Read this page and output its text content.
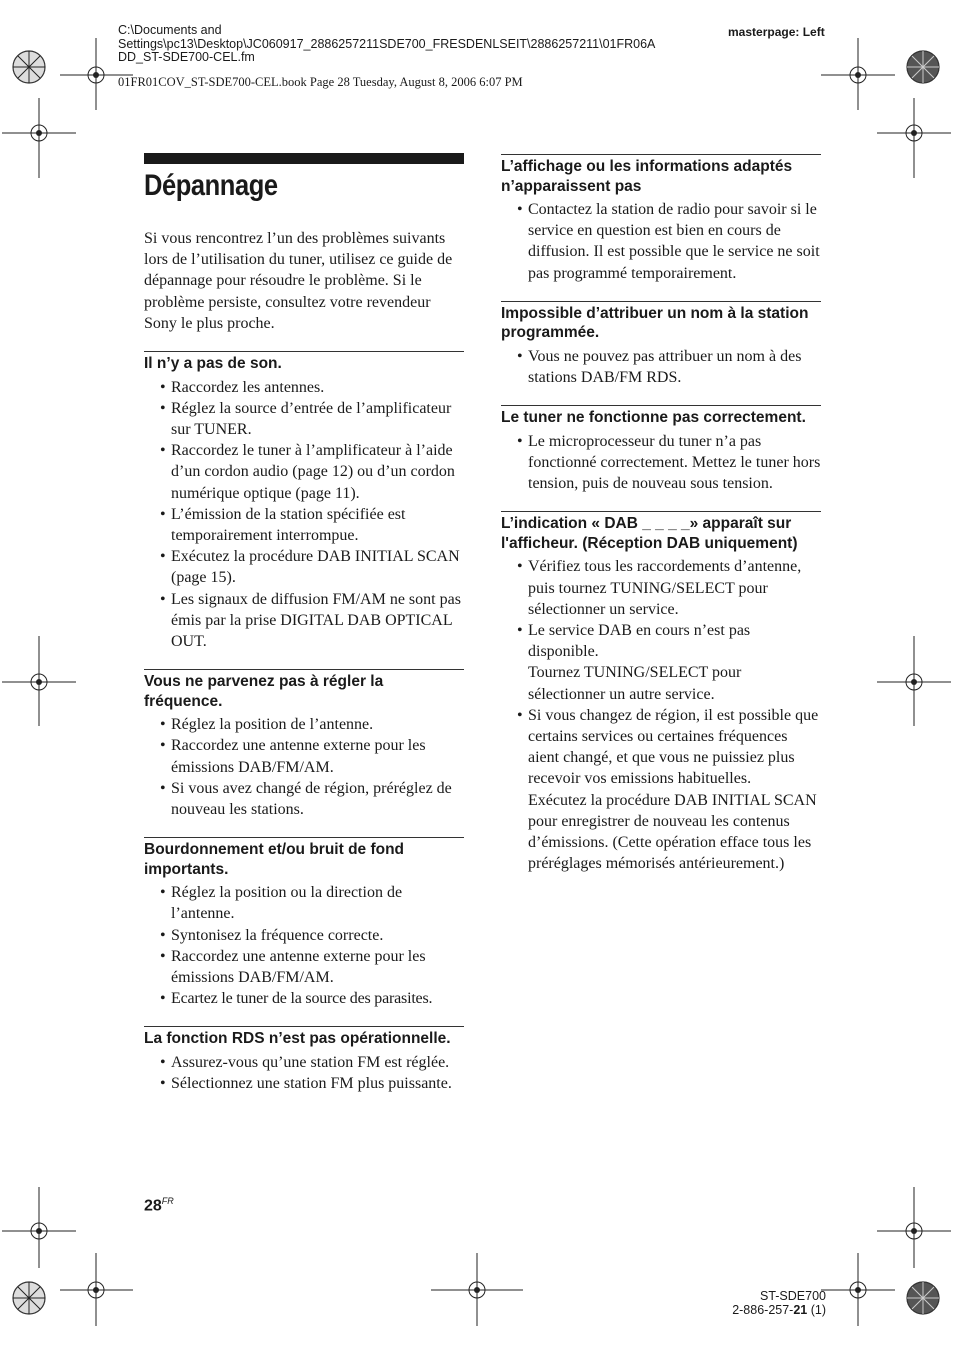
C:\Documents and
Settings\pc13\Desktop\JC060917_2886257211SDE700_FRESDENLSEIT\2886257211\01FR06A
DD_ST-SDE700-CEL.fm
masterpage: Left
01FR01COV_ST-SDE700-CEL.book Page 28 Tuesday, August 8, 2006 6:07 PM
Dépannage
Si vous rencontrez l’un des problèmes suivants lors de l’utilisation du tuner, utilisez ce guide de dépannage pour résoudre le problème. Si le problème persiste, consultez votre revendeur Sony le plus proche.
Il n’y a pas de son.
• Raccordez les antennes.
• Réglez la source d’entrée de l’amplificateur sur TUNER.
• Raccordez le tuner à l’amplificateur à l’aide d’un cordon audio (page 12) ou d’un cordon numérique optique (page 11).
• L’émission de la station spécifiée est temporairement interrompue.
• Exécutez la procédure DAB INITIAL SCAN (page 15).
• Les signaux de diffusion FM/AM ne sont pas émis par la prise DIGITAL DAB OPTICAL OUT.
Vous ne parvenez pas à régler la fréquence.
• Réglez la position de l’antenne.
• Raccordez une antenne externe pour les émissions DAB/FM/AM.
• Si vous avez changé de région, préréglez de nouveau les stations.
Bourdonnement et/ou bruit de fond importants.
• Réglez la position ou la direction de l’antenne.
• Syntonisez la fréquence correcte.
• Raccordez une antenne externe pour les émissions DAB/FM/AM.
• Ecartez le tuner de la source des parasites.
La fonction RDS n’est pas opérationnelle.
• Assurez-vous qu’une station FM est réglée.
• Sélectionnez une station FM plus puissante.
L’affichage ou les informations adaptés n’apparaissent pas
• Contactez la station de radio pour savoir si le service en question est bien en cours de diffusion. Il est possible que le service ne soit pas programmé temporairement.
Impossible d’attribuer un nom à la station programmée.
• Vous ne pouvez pas attribuer un nom à des stations DAB/FM RDS.
Le tuner ne fonctionne pas correctement.
• Le microprocesseur du tuner n’a pas fonctionné correctement. Mettez le tuner hors tension, puis de nouveau sous tension.
L’indication « DAB _ _ _ _» apparaît sur l'afficheur. (Réception DAB uniquement)
• Vérifiez tous les raccordements d’antenne, puis tournez TUNING/SELECT pour sélectionner un service.
• Le service DAB en cours n’est pas disponible.
Tournez TUNING/SELECT pour sélectionner un autre service.
• Si vous changez de région, il est possible que certains services ou certaines fréquences aient changé, et que vous ne puissiez plus recevoir vos emissions habituelles.
Exécutez la procédure DAB INITIAL SCAN pour enregistrer de nouveau les contenus d’émissions. (Cette opération efface tous les préréglages mémorisés antérieurement.)
$28^{FR}$
ST-SDE700
2-886-257-21 (1)
